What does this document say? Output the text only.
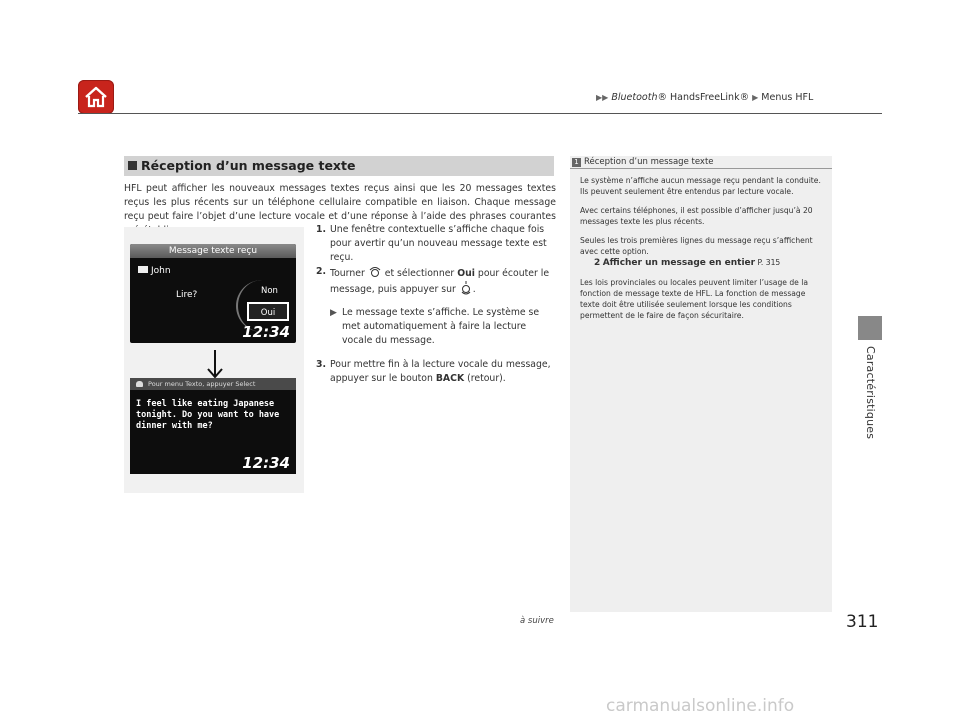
▶▶ Bluetooth® HandsFreeLink® ▶ Menus HFL
Caractéristiques
Réception d’un message texte
HFL peut afficher les nouveaux messages textes reçus ainsi que les 20 messages textes reçus les plus récents sur un téléphone cellulaire compatible en liaison. Chaque message reçu peut faire l’objet d’une lecture vocale et d’une réponse à l’aide des phrases courantes
Message texte reçu
John
Lire?	Non
Oui
12:34
Pour menu Texto, appuyer Select
I feel like eating Japanese tonight. Do you want to have dinner with me?
12:34

1. Une fenêtre contextuelle s’affiche chaque fois pour avertir qu’un nouveau message texte est reçu.

2. Tourner et sélectionner Oui pour écouter le message, puis appuyer sur .

▶ Le message texte s’affiche. Le système se met automatiquement à faire la lecture vocale du message.

3. Pour mettre fin à la lecture vocale du message, appuyer sur le bouton BACK (retour).

1 Réception d’un message texte

Le système n’affiche aucun message reçu pendant la conduite. Ils peuvent seulement être entendus par lecture vocale.

Avec certains téléphones, il est possible d’afficher jusqu’à 20 messages texte les plus récents.

Seules les trois premières lignes du message reçu s’affichent avec cette option.
2 Afficher un message en entier P. 315

Les lois provinciales ou locales peuvent limiter l’usage de la fonction de message texte de HFL. La fonction de message texte doit être utilisée seulement lorsque les conditions permettent de le faire de façon sécuritaire.

à suivre	311
carmanualsonline.info
